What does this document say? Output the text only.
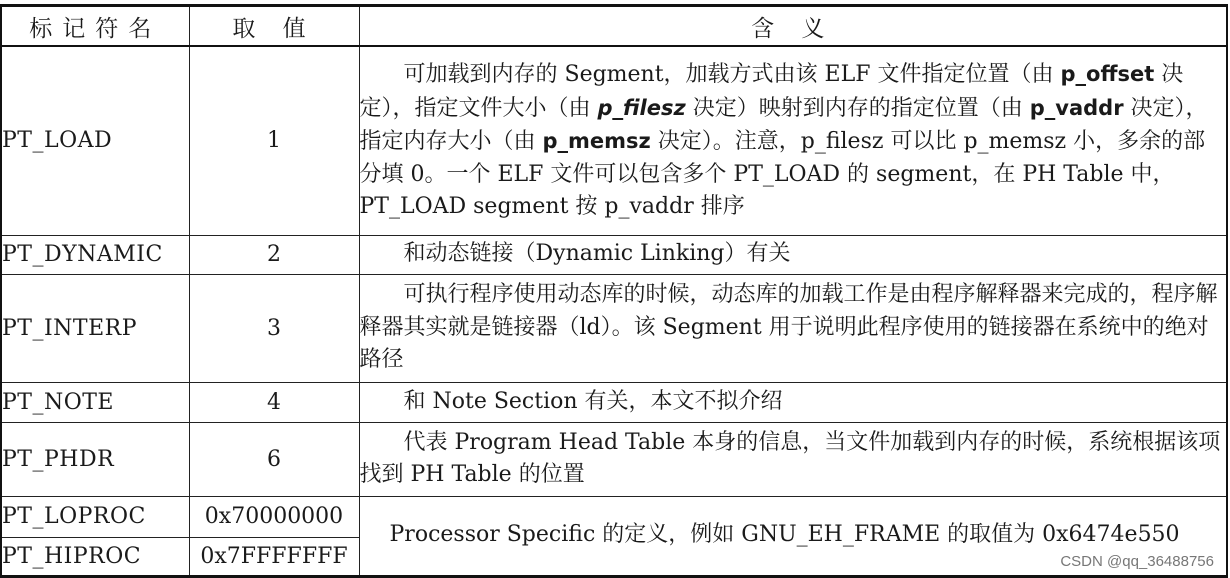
标记符名	取 值	含 义
PT_LOAD	1	可加载到内存的 Segment，加载方式由该 ELF 文件指定位置（由 p_offset 决定），指定文件大小（由 p_filesz 决定）映射到内存的指定位置（由 p_vaddr 决定），指定内存大小（由 p_memsz 决定）。注意，p_filesz 可以比 p_memsz 小，多余的部分填 0。一个 ELF 文件可以包含多个 PT_LOAD 的 segment，在 PH Table 中，PT_LOAD segment 按 p_vaddr 排序
PT_DYNAMIC	2	和动态链接（Dynamic Linking）有关
PT_INTERP	3	可执行程序使用动态库的时候，动态库的加载工作是由程序解释器来完成的，程序解释器其实就是链接器（ld）。该 Segment 用于说明此程序使用的链接器在系统中的绝对路径
PT_NOTE	4	和 Note Section 有关，本文不拟介绍
PT_PHDR	6	代表 Program Head Table 本身的信息，当文件加载到内存的时候，系统根据该项找到 PH Table 的位置
PT_LOPROC	0x70000000	Processor Specific 的定义，例如 GNU_EH_FRAME 的取值为 0x6474e550
PT_HIPROC	0x7FFFFFFF		CSDN @qq_36488756
